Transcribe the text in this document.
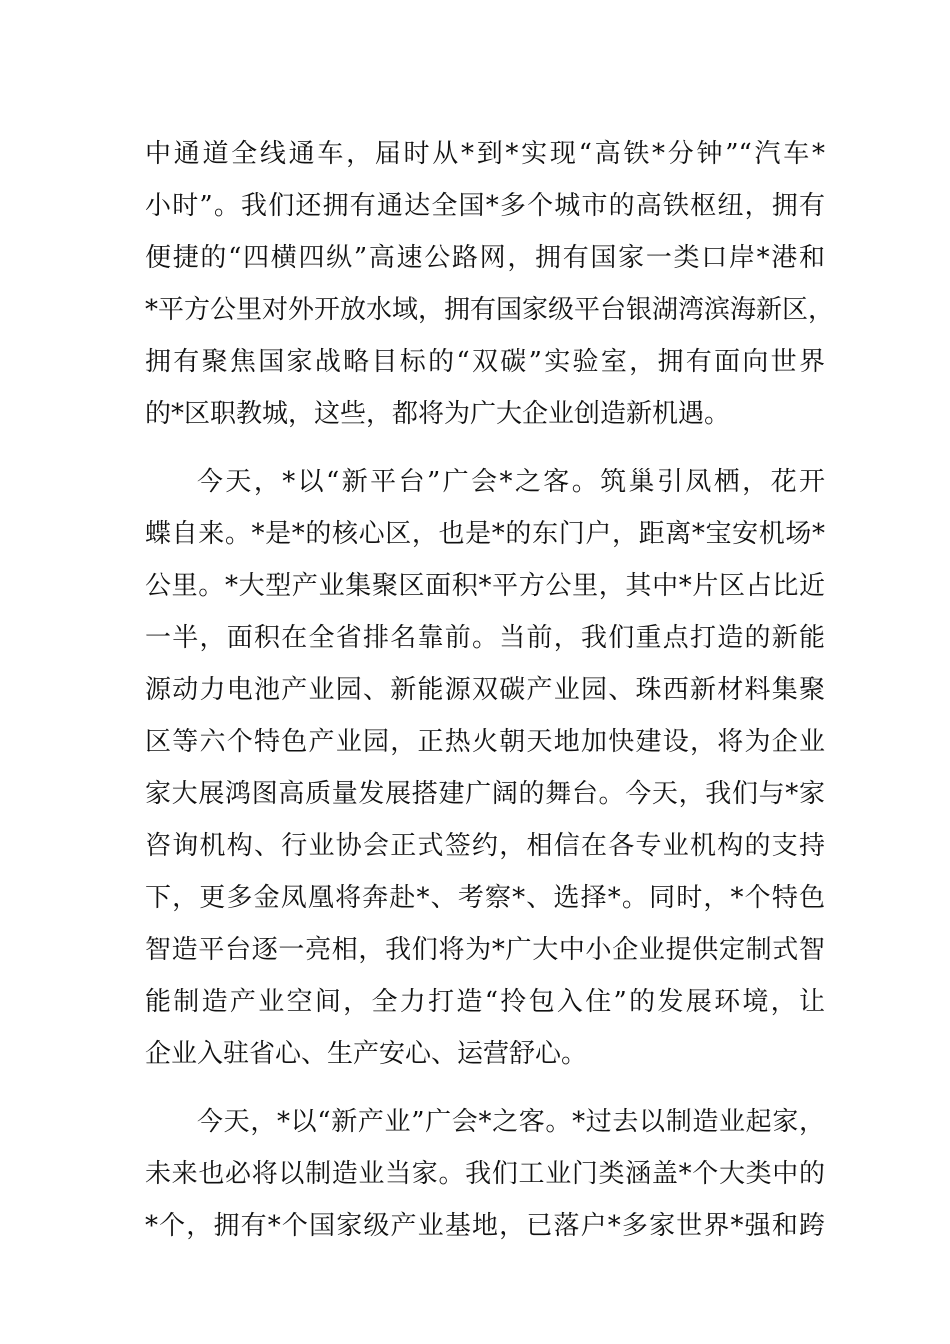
中通道全线通车，届时从*到*实现“高铁*分钟”“汽车*
小时”。我们还拥有通达全国*多个城市的高铁枢纽，拥有
便捷的“四横四纵”高速公路网，拥有国家一类口岸*港和
*平方公里对外开放水域，拥有国家级平台银湖湾滨海新区，
拥有聚焦国家战略目标的“双碳”实验室，拥有面向世界
的*区职教城，这些，都将为广大企业创造新机遇。
今天，*以“新平台”广会*之客。筑巢引凤栖，花开
蝶自来。*是*的核心区，也是*的东门户，距离*宝安机场*
公里。*大型产业集聚区面积*平方公里，其中*片区占比近
一半，面积在全省排名靠前。当前，我们重点打造的新能
源动力电池产业园、新能源双碳产业园、珠西新材料集聚
区等六个特色产业园，正热火朝天地加快建设，将为企业
家大展鸿图高质量发展搭建广阔的舞台。今天，我们与*家
咨询机构、行业协会正式签约，相信在各专业机构的支持
下，更多金凤凰将奔赴*、考察*、选择*。同时，*个特色
智造平台逐一亮相，我们将为*广大中小企业提供定制式智
能制造产业空间，全力打造“拎包入住”的发展环境，让
企业入驻省心、生产安心、运营舒心。
今天，*以“新产业”广会*之客。*过去以制造业起家，
未来也必将以制造业当家。我们工业门类涵盖*个大类中的
*个，拥有*个国家级产业基地，已落户*多家世界*强和跨
